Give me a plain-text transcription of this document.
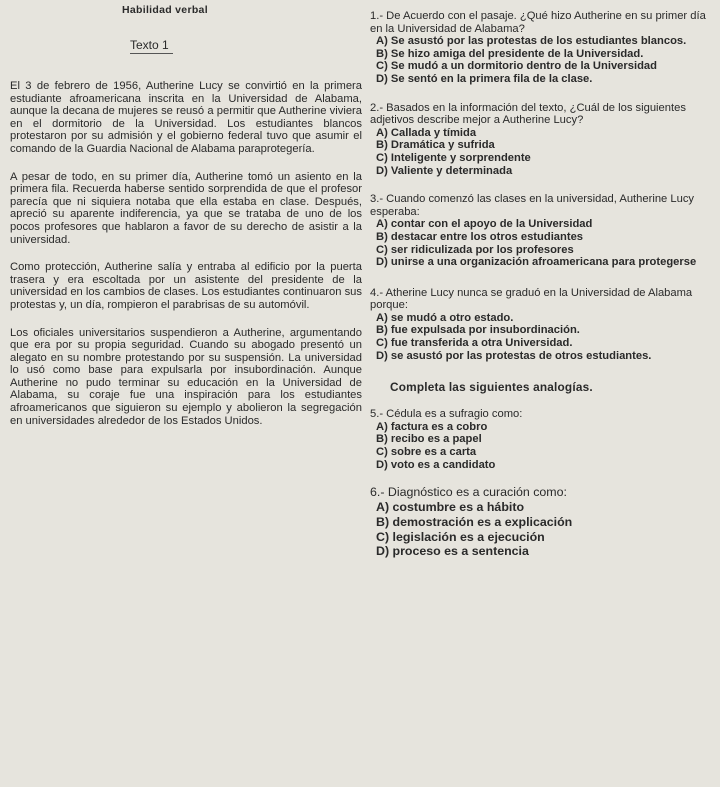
Habilidad verbal
Texto 1

El 3 de febrero de 1956, Autherine Lucy se convirtió en la primera estudiante afroamericana inscrita en la Universidad de Alabama, aunque la decana de mujeres se reusó a permitir que Autherine viviera en el dormitorio de la Universidad. Los estudiantes blancos protestaron por su admisión y el gobierno federal tuvo que asumir el comando de la Guardia Nacional de Alabama paraprotegería.

A pesar de todo, en su primer día, Autherine tomó un asiento en la primera fila. Recuerda haberse sentido sorprendida de que el profesor parecía que ni siquiera notaba que ella estaba en clase. Después, apreció su aparente indiferencia, ya que se trataba de uno de los pocos profesores que hablaron a favor de su derecho de asistir a la universidad.

Como protección, Autherine salía y entraba al edificio por la puerta trasera y era escoltada por un asistente del presidente de la universidad en los cambios de clases. Los estudiantes continuaron sus protestas y, un día, rompieron el parabrisas de su automóvil.

Los oficiales universitarios suspendieron a Autherine, argumentando que era por su propia seguridad. Cuando su abogado presentó un alegato en su nombre protestando por su suspensión. La universidad lo usó como base para expulsarla por insubordinación. Aunque Autherine no pudo terminar su educación en la Universidad de Alabama, su coraje fue una inspiración para los estudiantes afroamericanos que siguieron su ejemplo y abolieron la segregación en universidades alrededor de los Estados Unidos.

1.- De Acuerdo con el pasaje. ¿Qué hizo Autherine en su primer día en la Universidad de Alabama?

A) Se asustó por las protestas de los estudiantes blancos.

B) Se hizo amiga del presidente de la Universidad.

C) Se mudó a un dormitorio dentro de la Universidad

D) Se sentó en la primera fila de la clase.

2.- Basados en la información del texto, ¿Cuál de los siguientes adjetivos describe mejor a Autherine Lucy?

A) Callada y tímida

B) Dramática y sufrida

C) Inteligente y sorprendente

D) Valiente y determinada

3.- Cuando comenzó las clases en la universidad, Autherine Lucy esperaba:

A) contar con el apoyo de la Universidad

B) destacar entre los otros estudiantes

C) ser ridiculizada por los profesores

D) unirse a una organización afroamericana para protegerse

4.- Atherine Lucy nunca se graduó en la Universidad de Alabama porque:

A) se mudó a otro estado.

B) fue expulsada por insubordinación.

C) fue transferida a otra Universidad.

D) se asustó por las protestas de otros estudiantes.

Completa las siguientes analogías.

5.- Cédula es a sufragio como:

A) factura es a cobro

B) recibo es a papel

C) sobre es a carta

D) voto es a candidato

6.- Diagnóstico es a curación como:

A) costumbre es a hábito

B) demostración es a explicación

C) legislación es a ejecución

D) proceso es a sentencia
